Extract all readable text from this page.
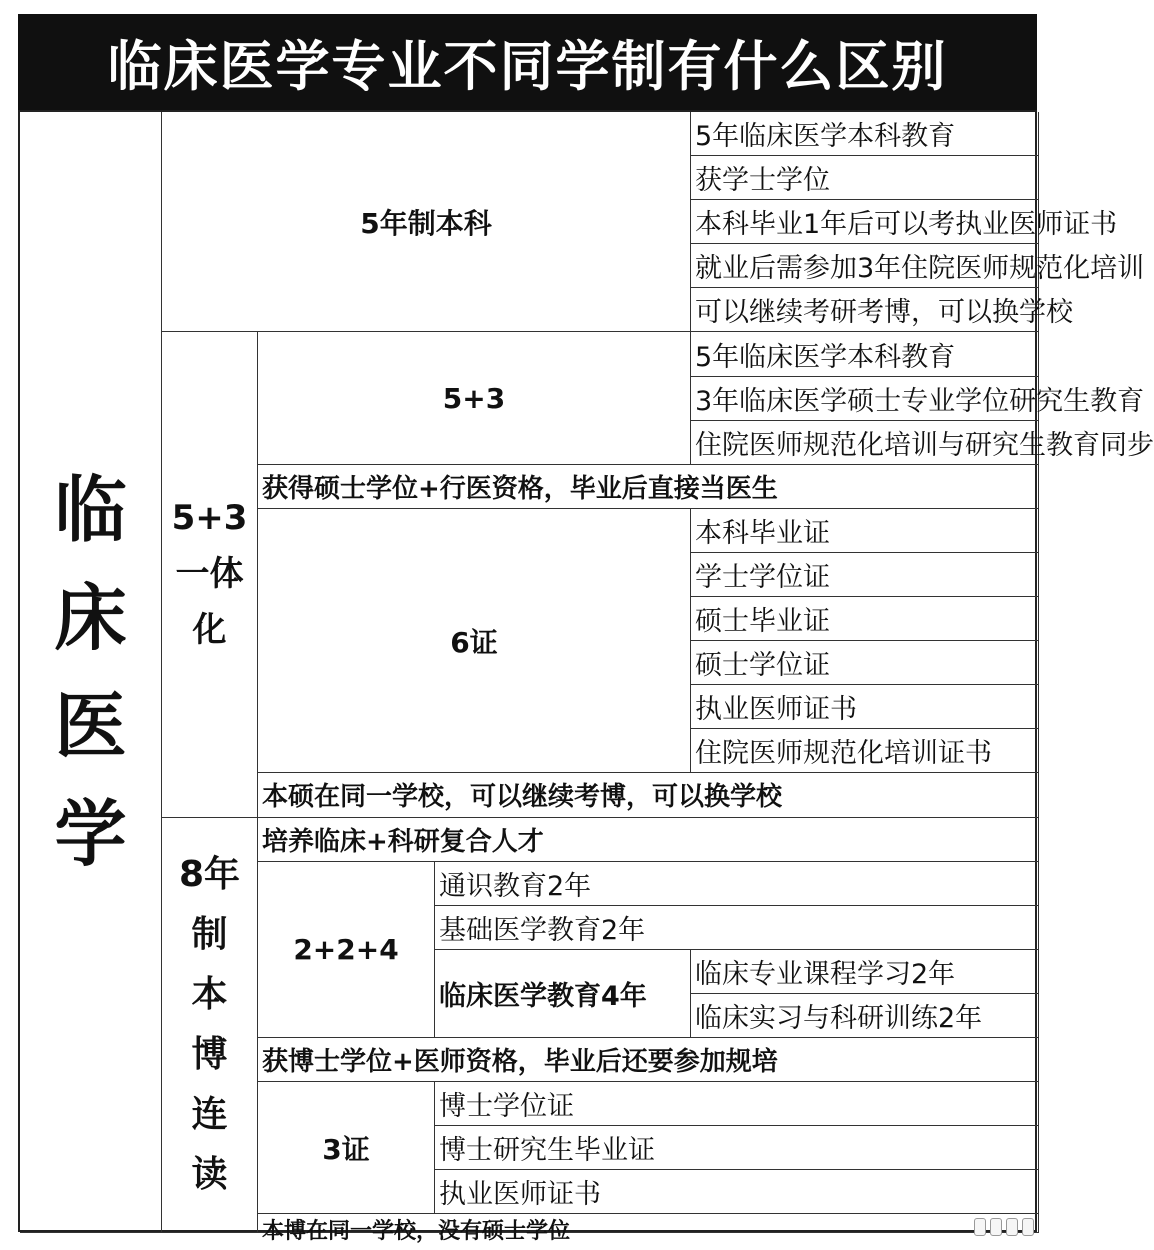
临床医学专业不同学制有什么区别
临
床
医
学
5年制本科
5年临床医学本科教育
获学士学位
本科毕业1年后可以考执业医师证书
就业后需参加3年住院医师规范化培训
可以继续考研考博，可以换学校
5+3
一体
化
5+3
5年临床医学本科教育
3年临床医学硕士专业学位研究生教育
住院医师规范化培训与研究生教育同步
获得硕士学位+行医资格，毕业后直接当医生
6证
本科毕业证
学士学位证
硕士毕业证
硕士学位证
执业医师证书
住院医师规范化培训证书
本硕在同一学校，可以继续考博，可以换学校
8年
制
本
博
连
读
培养临床+科研复合人才
2+2+4
通识教育2年
基础医学教育2年
临床医学教育4年
临床专业课程学习2年
临床实习与科研训练2年
获博士学位+医师资格，毕业后还要参加规培
3证
博士学位证
博士研究生毕业证
执业医师证书
本博在同一学校，没有硕士学位
